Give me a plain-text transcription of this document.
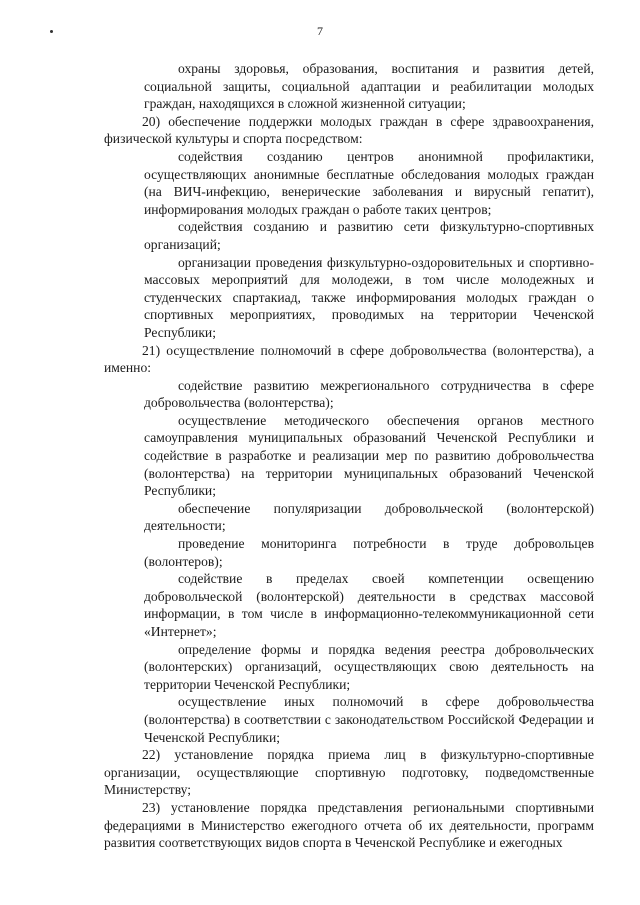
7

охраны здоровья, образования, воспитания и развития детей, социальной защиты, социальной адаптации и реабилитации молодых граждан, находящихся в сложной жизненной ситуации;

20) обеспечение поддержки молодых граждан в сфере здравоохранения, физической культуры и спорта посредством:

содействия созданию центров анонимной профилактики, осуществляющих анонимные бесплатные обследования молодых граждан (на ВИЧ-инфекцию, венерические заболевания и вирусный гепатит), информирования молодых граждан о работе таких центров;

содействия созданию и развитию сети физкультурно-спортивных организаций;

организации проведения физкультурно-оздоровительных и спортивно-массовых мероприятий для молодежи, в том числе молодежных и студенческих спартакиад, также информирования молодых граждан о спортивных мероприятиях, проводимых на территории Чеченской Республики;

21) осуществление полномочий в сфере добровольчества (волонтерства), а именно:

содействие развитию межрегионального сотрудничества в сфере добровольчества (волонтерства);

осуществление методического обеспечения органов местного самоуправления муниципальных образований Чеченской Республики и содействие в разработке и реализации мер по развитию добровольчества (волонтерства) на территории муниципальных образований Чеченской Республики;

обеспечение популяризации добровольческой (волонтерской) деятельности;

проведение мониторинга потребности в труде добровольцев (волонтеров);

содействие в пределах своей компетенции освещению добровольческой (волонтерской) деятельности в средствах массовой информации, в том числе в информационно-телекоммуникационной сети «Интернет»;

определение формы и порядка ведения реестра добровольческих (волонтерских) организаций, осуществляющих свою деятельность на территории Чеченской Республики;

осуществление иных полномочий в сфере добровольчества (волонтерства) в соответствии с законодательством Российской Федерации и Чеченской Республики;

22) установление порядка приема лиц в физкультурно-спортивные организации, осуществляющие спортивную подготовку, подведомственные Министерству;

23) установление порядка представления региональными спортивными федерациями в Министерство ежегодного отчета об их деятельности, программ развития соответствующих видов спорта в Чеченской Республике и ежегодных
